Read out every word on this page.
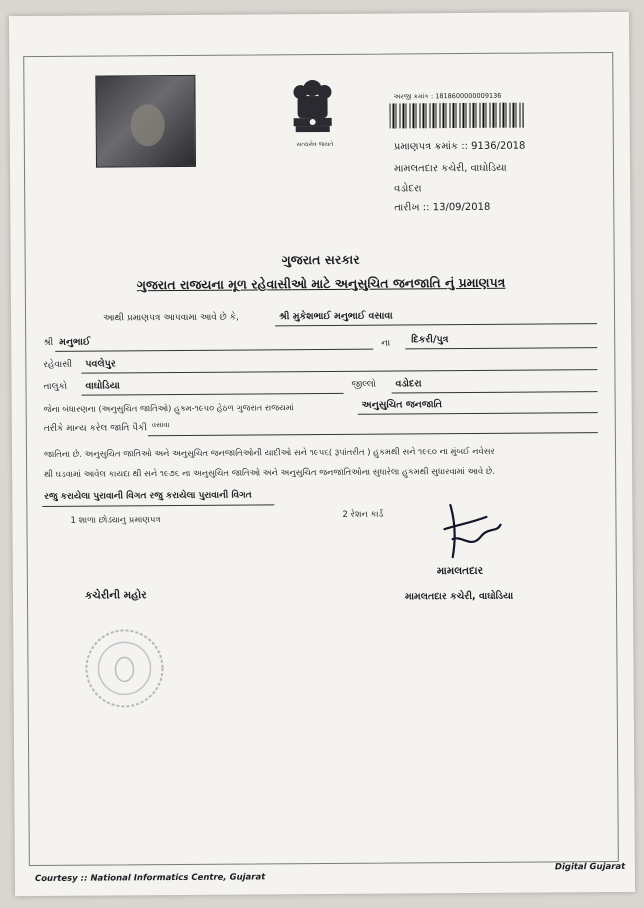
સત્યમેવ જયતે
અરજી ક્રમાંક : 1818600000009136
પ્રમાણપત્ર ક્રમાંક :: 9136/2018
મામલતદાર કચેરી, વાઘોડિયા
વડોદરા
તારીખ :: 13/09/2018
ગુજરાત સરકાર
ગુજરાત રાજયના મૂળ રહેવાસીઓ માટે અનુસુચિત જનજાતિ નું પ્રમાણપત્ર
આથી પ્રમાણપત્ર આપવામા આવે છે કે,	શ્રી મુકેશભાઈ મનુભાઈ વસાવા
શ્રી મનુભાઈ	ના દિકરી/પુત્ર
રહેવાસી પવલેપુર
તાલુકો વાઘોડિયા	જીલ્લો વડોદરા
જેના બંધારણના (અનુસુચિત જાતિઓ) હુકમ-૧૯૫૦ હેઠળ ગુજરાત રાજયમાં	અનુસુચિત જનજાતિ
તરીકે માન્ય કરેલ જાતિ પૈકી વસાવા
જાતિના છે. અનુસુચિત જાતિઓ અને અનુસુચિત જનજાતિઓની યાદીઓ સને ૧૯૫૬( રૂપાંતરીત ) હુકમથી સને ૧૯૬૦ ના મુંબઈ નવેસર
થી ઘડવામાં આવેલ કાયદા થી સને ૧૯૭૬ ના અનુસુચિત જાતિઓ અને અનુસુચિત જનજાતિઓના સુધારેલા હુકમથી સુધારવામાં આવે છે.
રજુ કરાયેલા પુરાવાની વિગત રજુ કરાયેલા પુરાવાની વિગત
1 શાળા છોડ્યાનુ પ્રમાણપત્ર
2 રેશન કાર્ડ
મામલતદાર
મામલતદાર કચેરી, વાઘોડિયા
કચેરીની મહોર
Courtesy :: National Informatics Centre, Gujarat
Digital Gujarat
